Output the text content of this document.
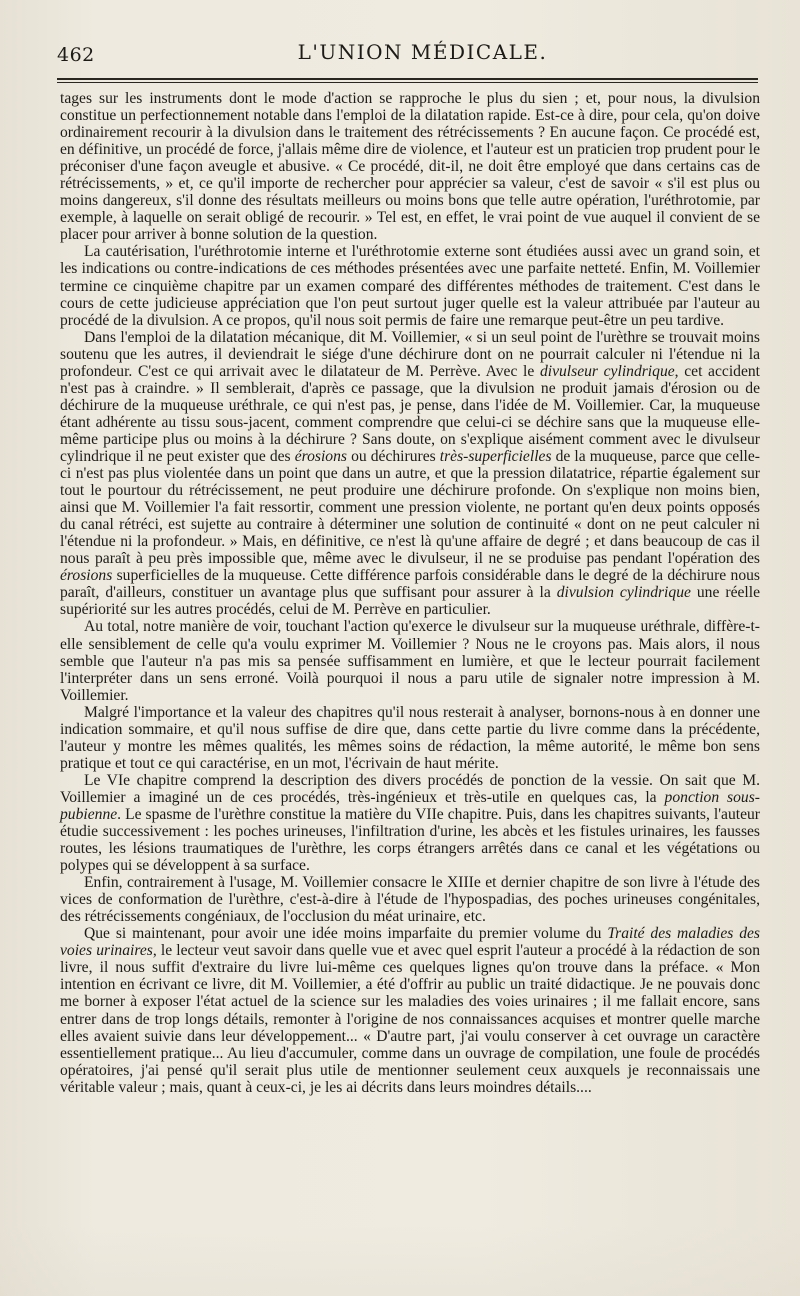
462	L'UNION MÉDICALE.

tages sur les instruments dont le mode d'action se rapproche le plus du sien ; et, pour nous, la divulsion constitue un perfectionnement notable dans l'emploi de la dilatation rapide. Est-ce à dire, pour cela, qu'on doive ordinairement recourir à la divulsion dans le traitement des rétrécissements ? En aucune façon. Ce procédé est, en définitive, un procédé de force, j'allais même dire de violence, et l'auteur est un praticien trop prudent pour le préconiser d'une façon aveugle et abusive. « Ce procédé, dit-il, ne doit être employé que dans certains cas de rétrécissements, » et, ce qu'il importe de rechercher pour apprécier sa valeur, c'est de savoir « s'il est plus ou moins dangereux, s'il donne des résultats meilleurs ou moins bons que telle autre opération, l'uréthrotomie, par exemple, à laquelle on serait obligé de recourir. » Tel est, en effet, le vrai point de vue auquel il convient de se placer pour arriver à bonne solution de la question.

La cautérisation, l'uréthrotomie interne et l'uréthrotomie externe sont étudiées aussi avec un grand soin, et les indications ou contre-indications de ces méthodes présentées avec une parfaite netteté. Enfin, M. Voillemier termine ce cinquième chapitre par un examen comparé des différentes méthodes de traitement. C'est dans le cours de cette judicieuse appréciation que l'on peut surtout juger quelle est la valeur attribuée par l'auteur au procédé de la divulsion. A ce propos, qu'il nous soit permis de faire une remarque peut-être un peu tardive.

Dans l'emploi de la dilatation mécanique, dit M. Voillemier, « si un seul point de l'urèthre se trouvait moins soutenu que les autres, il deviendrait le siége d'une déchirure dont on ne pourrait calculer ni l'étendue ni la profondeur. C'est ce qui arrivait avec le dilatateur de M. Perrève. Avec le divulseur cylindrique, cet accident n'est pas à craindre. » Il semblerait, d'après ce passage, que la divulsion ne produit jamais d'érosion ou de déchirure de la muqueuse uréthrale, ce qui n'est pas, je pense, dans l'idée de M. Voillemier. Car, la muqueuse étant adhérente au tissu sous-jacent, comment comprendre que celui-ci se déchire sans que la muqueuse elle-même participe plus ou moins à la déchirure ? Sans doute, on s'explique aisément comment avec le divulseur cylindrique il ne peut exister que des érosions ou déchirures très-superficielles de la muqueuse, parce que celle-ci n'est pas plus violentée dans un point que dans un autre, et que la pression dilatatrice, répartie également sur tout le pourtour du rétrécissement, ne peut produire une déchirure profonde. On s'explique non moins bien, ainsi que M. Voillemier l'a fait ressortir, comment une pression violente, ne portant qu'en deux points opposés du canal rétréci, est sujette au contraire à déterminer une solution de continuité « dont on ne peut calculer ni l'étendue ni la profondeur. » Mais, en définitive, ce n'est là qu'une affaire de degré ; et dans beaucoup de cas il nous paraît à peu près impossible que, même avec le divulseur, il ne se produise pas pendant l'opération des érosions superficielles de la muqueuse. Cette différence parfois considérable dans le degré de la déchirure nous paraît, d'ailleurs, constituer un avantage plus que suffisant pour assurer à la divulsion cylindrique une réelle supériorité sur les autres procédés, celui de M. Perrève en particulier.

Au total, notre manière de voir, touchant l'action qu'exerce le divulseur sur la muqueuse uréthrale, diffère-t-elle sensiblement de celle qu'a voulu exprimer M. Voillemier ? Nous ne le croyons pas. Mais alors, il nous semble que l'auteur n'a pas mis sa pensée suffisamment en lumière, et que le lecteur pourrait facilement l'interpréter dans un sens erroné. Voilà pourquoi il nous a paru utile de signaler notre impression à M. Voillemier.

Malgré l'importance et la valeur des chapitres qu'il nous resterait à analyser, bornons-nous à en donner une indication sommaire, et qu'il nous suffise de dire que, dans cette partie du livre comme dans la précédente, l'auteur y montre les mêmes qualités, les mêmes soins de rédaction, la même autorité, le même bon sens pratique et tout ce qui caractérise, en un mot, l'écrivain de haut mérite.

Le VIe chapitre comprend la description des divers procédés de ponction de la vessie. On sait que M. Voillemier a imaginé un de ces procédés, très-ingénieux et très-utile en quelques cas, la ponction sous-pubienne. Le spasme de l'urèthre constitue la matière du VIIe chapitre. Puis, dans les chapitres suivants, l'auteur étudie successivement : les poches urineuses, l'infiltration d'urine, les abcès et les fistules urinaires, les fausses routes, les lésions traumatiques de l'urèthre, les corps étrangers arrêtés dans ce canal et les végétations ou polypes qui se développent à sa surface.

Enfin, contrairement à l'usage, M. Voillemier consacre le XIIIe et dernier chapitre de son livre à l'étude des vices de conformation de l'urèthre, c'est-à-dire à l'étude de l'hypospadias, des poches urineuses congénitales, des rétrécissements congéniaux, de l'occlusion du méat urinaire, etc.

Que si maintenant, pour avoir une idée moins imparfaite du premier volume du Traité des maladies des voies urinaires, le lecteur veut savoir dans quelle vue et avec quel esprit l'auteur a procédé à la rédaction de son livre, il nous suffit d'extraire du livre lui-même ces quelques lignes qu'on trouve dans la préface. « Mon intention en écrivant ce livre, dit M. Voillemier, a été d'offrir au public un traité didactique. Je ne pouvais donc me borner à exposer l'état actuel de la science sur les maladies des voies urinaires ; il me fallait encore, sans entrer dans de trop longs détails, remonter à l'origine de nos connaissances acquises et montrer quelle marche elles avaient suivie dans leur développement... « D'autre part, j'ai voulu conserver à cet ouvrage un caractère essentiellement pratique... Au lieu d'accumuler, comme dans un ouvrage de compilation, une foule de procédés opératoires, j'ai pensé qu'il serait plus utile de mentionner seulement ceux auxquels je reconnaissais une véritable valeur ; mais, quant à ceux-ci, je les ai décrits dans leurs moindres détails....
